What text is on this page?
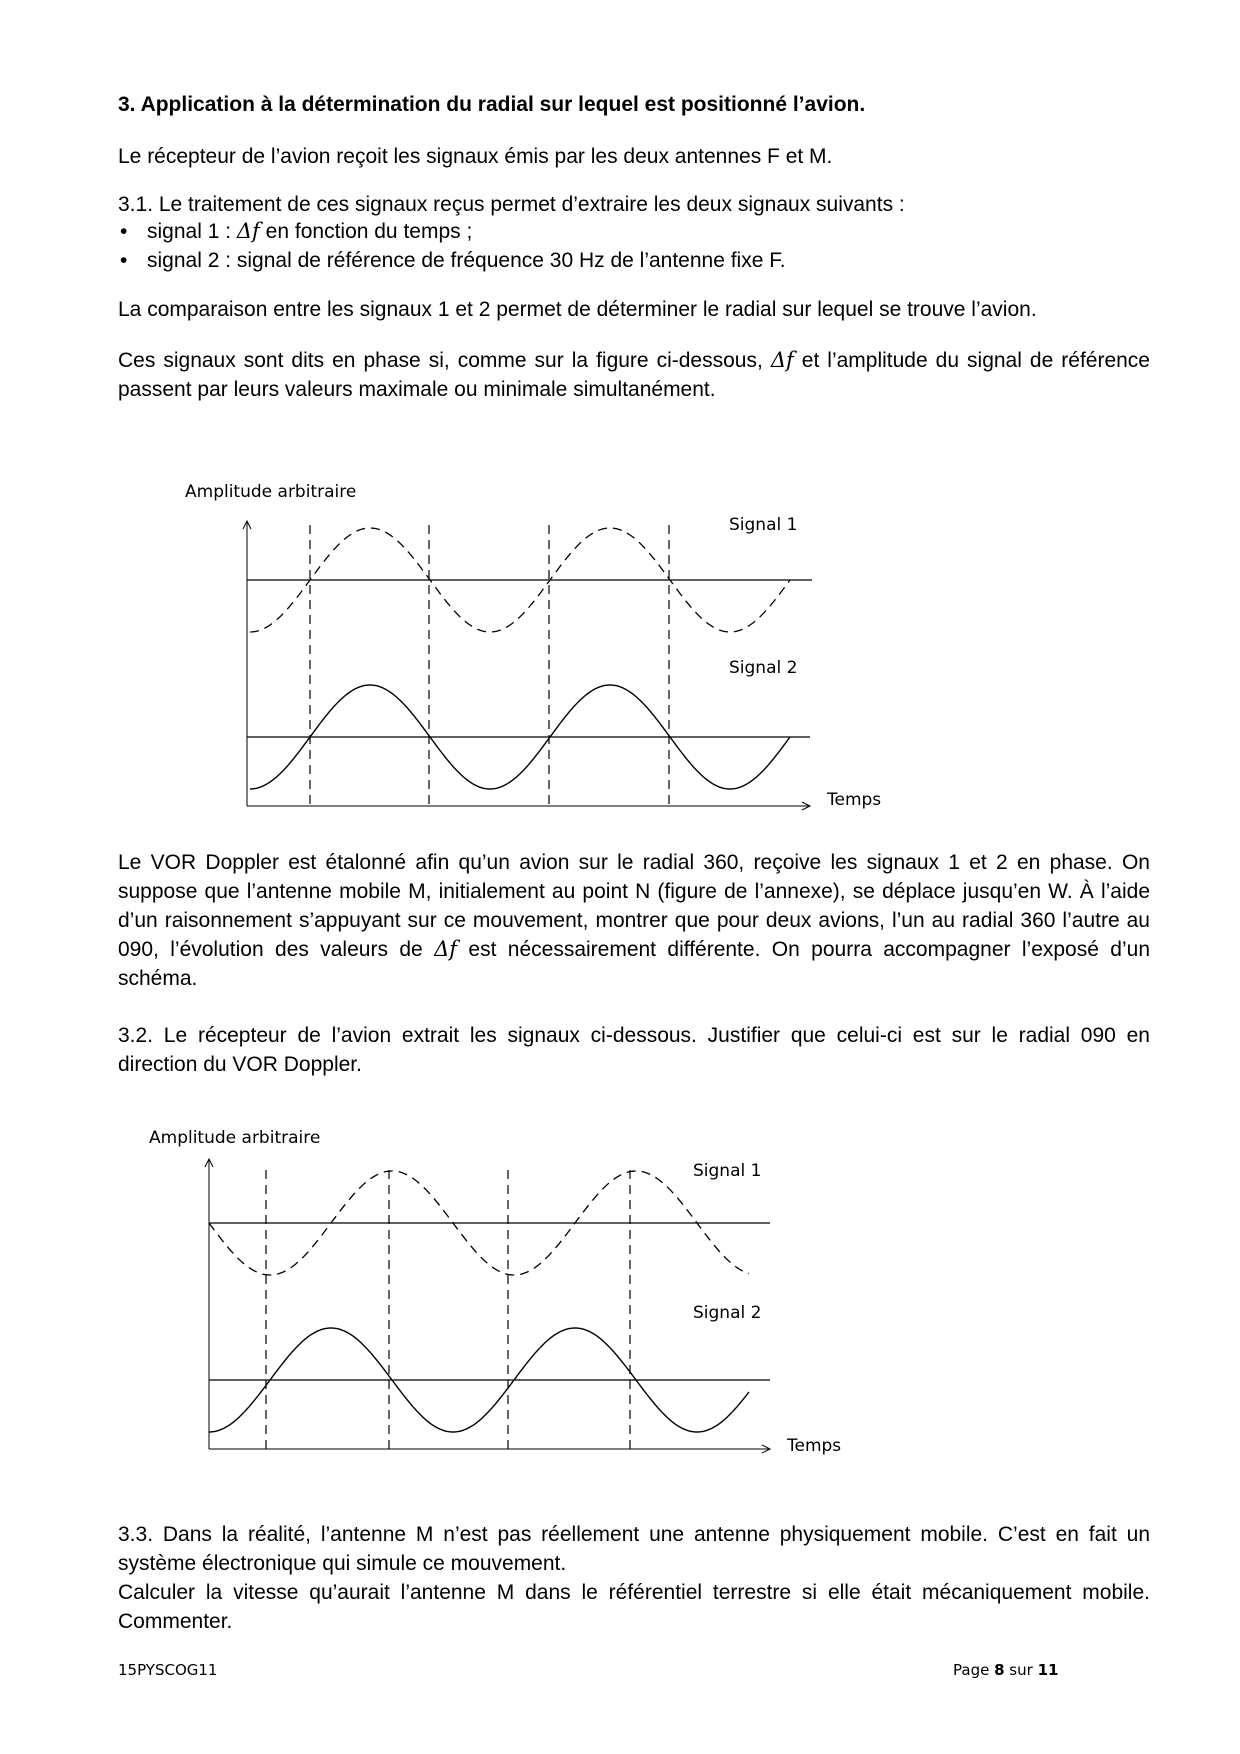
3. Application à la détermination du radial sur lequel est positionné l’avion.

Le récepteur de l’avion reçoit les signaux émis par les deux antennes F et M.

3.1. Le traitement de ces signaux reçus permet d’extraire les deux signaux suivants :

• signal 1 : Δf en fonction du temps ;
• signal 2 : signal de référence de fréquence 30 Hz de l’antenne fixe F.

La comparaison entre les signaux 1 et 2 permet de déterminer le radial sur lequel se trouve l’avion.

Ces signaux sont dits en phase si, comme sur la figure ci-dessous, Δf et l’amplitude du signal de référence passent par leurs valeurs maximale ou minimale simultanément.

Amplitude arbitraire
Signal 1
Signal 2
Temps

Le VOR Doppler est étalonné afin qu’un avion sur le radial 360, reçoive les signaux 1 et 2 en phase. On suppose que l’antenne mobile M, initialement au point N (figure de l’annexe), se déplace jusqu’en W. À l’aide d’un raisonnement s’appuyant sur ce mouvement, montrer que pour deux avions, l’un au radial 360 l’autre au 090, l’évolution des valeurs de Δf est nécessairement différente. On pourra accompagner l’exposé d’un schéma.

3.2. Le récepteur de l’avion extrait les signaux ci-dessous. Justifier que celui-ci est sur le radial 090 en direction du VOR Doppler.

Amplitude arbitraire
Signal 1
Signal 2
Temps

3.3. Dans la réalité, l’antenne M n’est pas réellement une antenne physiquement mobile. C’est en fait un système électronique qui simule ce mouvement.

Calculer la vitesse qu’aurait l’antenne M dans le référentiel terrestre si elle était mécaniquement mobile. Commenter.

15PYSCOG11	Page 8 sur 11
